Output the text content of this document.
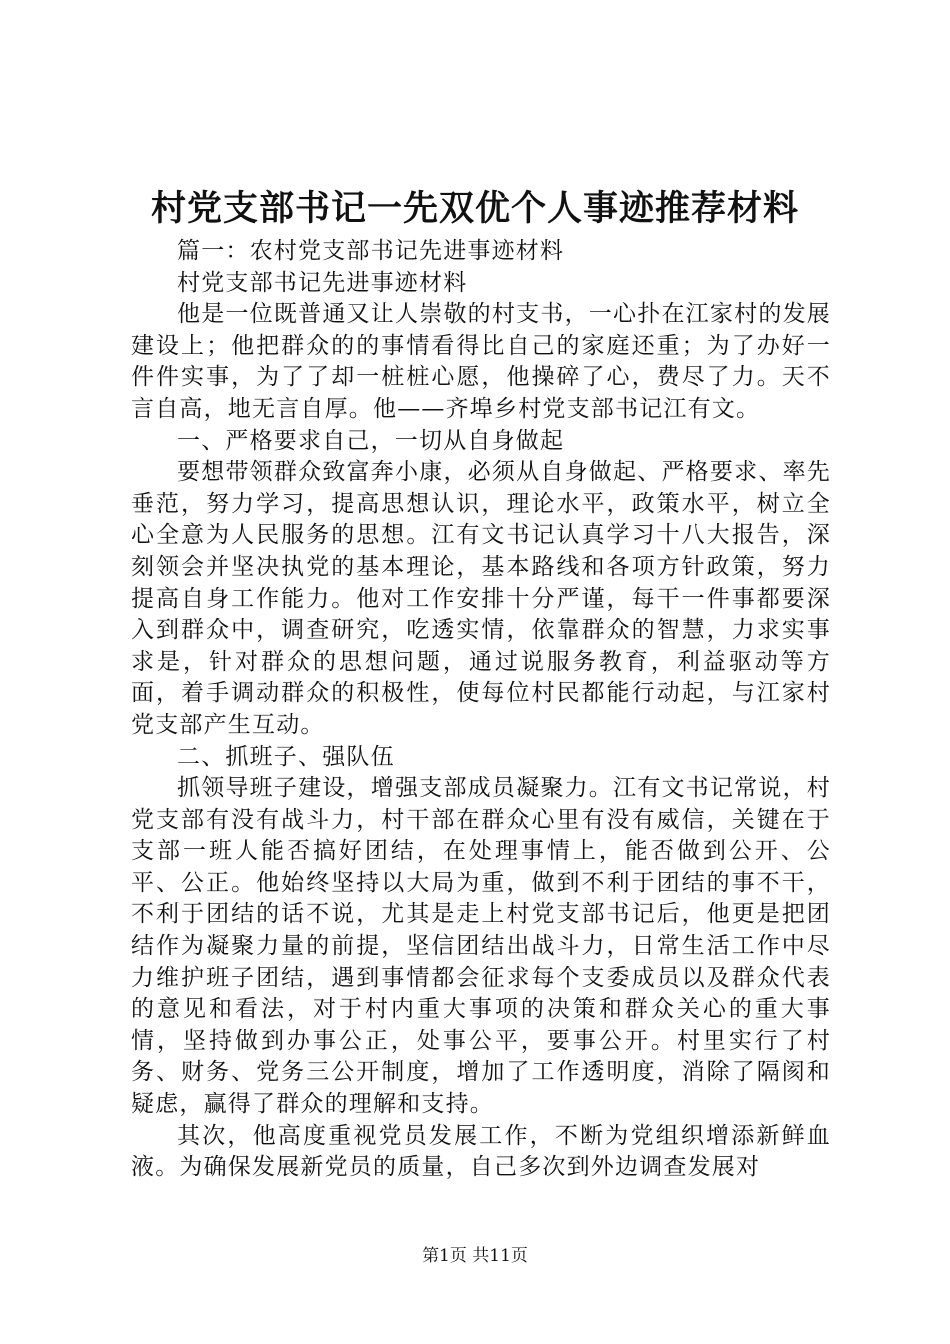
村党支部书记一先双优个人事迹推荐材料

篇一：农村党支部书记先进事迹材料

村党支部书记先进事迹材料

他是一位既普通又让人崇敬的村支书，一心扑在江家村的发展建设上；他把群众的的事情看得比自己的家庭还重；为了办好一件件实事，为了了却一桩桩心愿，他操碎了心，费尽了力。天不言自高，地无言自厚。他——齐埠乡村党支部书记江有文。

一、严格要求自己，一切从自身做起

要想带领群众致富奔小康，必须从自身做起、严格要求、率先垂范，努力学习，提高思想认识，理论水平，政策水平，树立全心全意为人民服务的思想。江有文书记认真学习十八大报告，深刻领会并坚决执党的基本理论，基本路线和各项方针政策，努力提高自身工作能力。他对工作安排十分严谨，每干一件事都要深入到群众中，调查研究，吃透实情，依靠群众的智慧，力求实事求是，针对群众的思想问题，通过说服务教育，利益驱动等方面，着手调动群众的积极性，使每位村民都能行动起，与江家村党支部产生互动。

二、抓班子、强队伍

抓领导班子建设，增强支部成员凝聚力。江有文书记常说，村党支部有没有战斗力，村干部在群众心里有没有威信，关键在于支部一班人能否搞好团结，在处理事情上，能否做到公开、公平、公正。他始终坚持以大局为重，做到不利于团结的事不干，不利于团结的话不说，尤其是走上村党支部书记后，他更是把团结作为凝聚力量的前提，坚信团结出战斗力，日常生活工作中尽力维护班子团结，遇到事情都会征求每个支委成员以及群众代表的意见和看法，对于村内重大事项的决策和群众关心的重大事情，坚持做到办事公正，处事公平，要事公开。村里实行了村务、财务、党务三公开制度，增加了工作透明度，消除了隔阂和疑虑，赢得了群众的理解和支持。

其次，他高度重视党员发展工作，不断为党组织增添新鲜血液。为确保发展新党员的质量，自己多次到外边调查发展对

第1页 共11页
